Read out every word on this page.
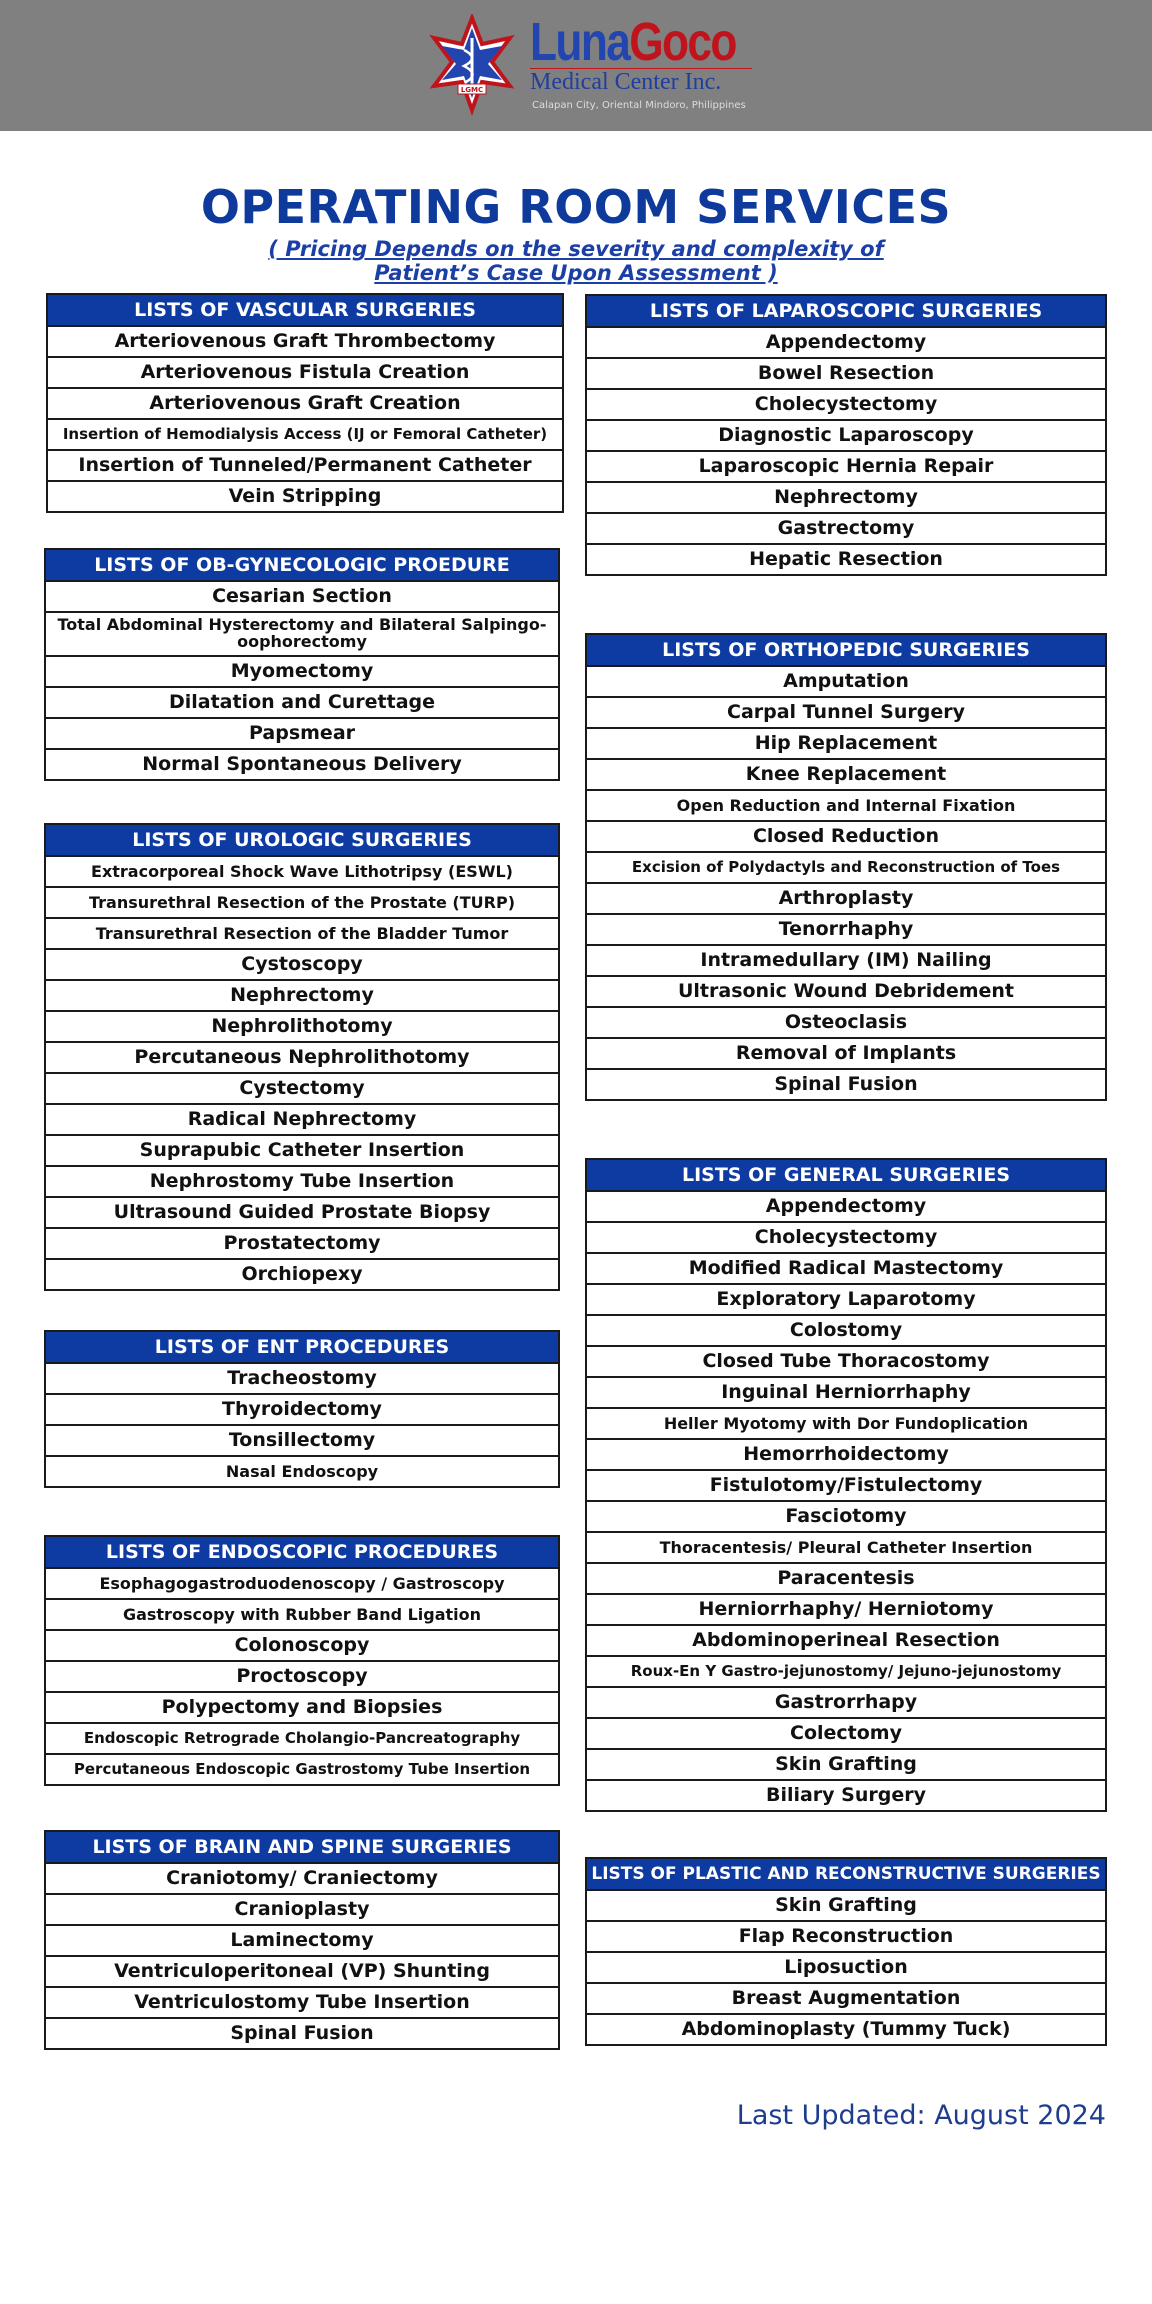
LGMC
LunaGoco
Medical Center Inc.
Calapan City, Oriental Mindoro, Philippines
OPERATING ROOM SERVICES
( Pricing Depends on the severity and complexity of Patient’s Case Upon Assessment )
LISTS OF VASCULAR SURGERIES
Arteriovenous Graft Thrombectomy
Arteriovenous Fistula Creation
Arteriovenous Graft Creation
Insertion of Hemodialysis Access (IJ or Femoral Catheter)
Insertion of Tunneled/Permanent Catheter
Vein Stripping
LISTS OF OB-GYNECOLOGIC PROEDURE
Cesarian Section
Total Abdominal Hysterectomy and Bilateral Salpingo-oophorectomy
Myomectomy
Dilatation and Curettage
Papsmear
Normal Spontaneous Delivery
LISTS OF UROLOGIC SURGERIES
Extracorporeal Shock Wave Lithotripsy (ESWL)
Transurethral Resection of the Prostate (TURP)
Transurethral Resection of the Bladder Tumor
Cystoscopy
Nephrectomy
Nephrolithotomy
Percutaneous Nephrolithotomy
Cystectomy
Radical Nephrectomy
Suprapubic Catheter Insertion
Nephrostomy Tube Insertion
Ultrasound Guided Prostate Biopsy
Prostatectomy
Orchiopexy
LISTS OF ENT PROCEDURES
Tracheostomy
Thyroidectomy
Tonsillectomy
Nasal Endoscopy
LISTS OF ENDOSCOPIC PROCEDURES
Esophagogastroduodenoscopy / Gastroscopy
Gastroscopy with Rubber Band Ligation
Colonoscopy
Proctoscopy
Polypectomy and Biopsies
Endoscopic Retrograde Cholangio-Pancreatography
Percutaneous Endoscopic Gastrostomy Tube Insertion
LISTS OF BRAIN AND SPINE SURGERIES
Craniotomy/ Craniectomy
Cranioplasty
Laminectomy
Ventriculoperitoneal (VP) Shunting
Ventriculostomy Tube Insertion
Spinal Fusion
LISTS OF LAPAROSCOPIC SURGERIES
Appendectomy
Bowel Resection
Cholecystectomy
Diagnostic Laparoscopy
Laparoscopic Hernia Repair
Nephrectomy
Gastrectomy
Hepatic Resection
LISTS OF ORTHOPEDIC SURGERIES
Amputation
Carpal Tunnel Surgery
Hip Replacement
Knee Replacement
Open Reduction and Internal Fixation
Closed Reduction
Excision of Polydactyls and Reconstruction of Toes
Arthroplasty
Tenorrhaphy
Intramedullary (IM) Nailing
Ultrasonic Wound Debridement
Osteoclasis
Removal of Implants
Spinal Fusion
LISTS OF GENERAL SURGERIES
Appendectomy
Cholecystectomy
Modified Radical Mastectomy
Exploratory Laparotomy
Colostomy
Closed Tube Thoracostomy
Inguinal Herniorrhaphy
Heller Myotomy with Dor Fundoplication
Hemorrhoidectomy
Fistulotomy/Fistulectomy
Fasciotomy
Thoracentesis/ Pleural Catheter Insertion
Paracentesis
Herniorrhaphy/ Herniotomy
Abdominoperineal Resection
Roux-En Y Gastro-jejunostomy/ Jejuno-jejunostomy
Gastrorrhapy
Colectomy
Skin Grafting
Biliary Surgery
LISTS OF PLASTIC AND RECONSTRUCTIVE SURGERIES
Skin Grafting
Flap Reconstruction
Liposuction
Breast Augmentation
Abdominoplasty (Tummy Tuck)
Last Updated: August 2024
